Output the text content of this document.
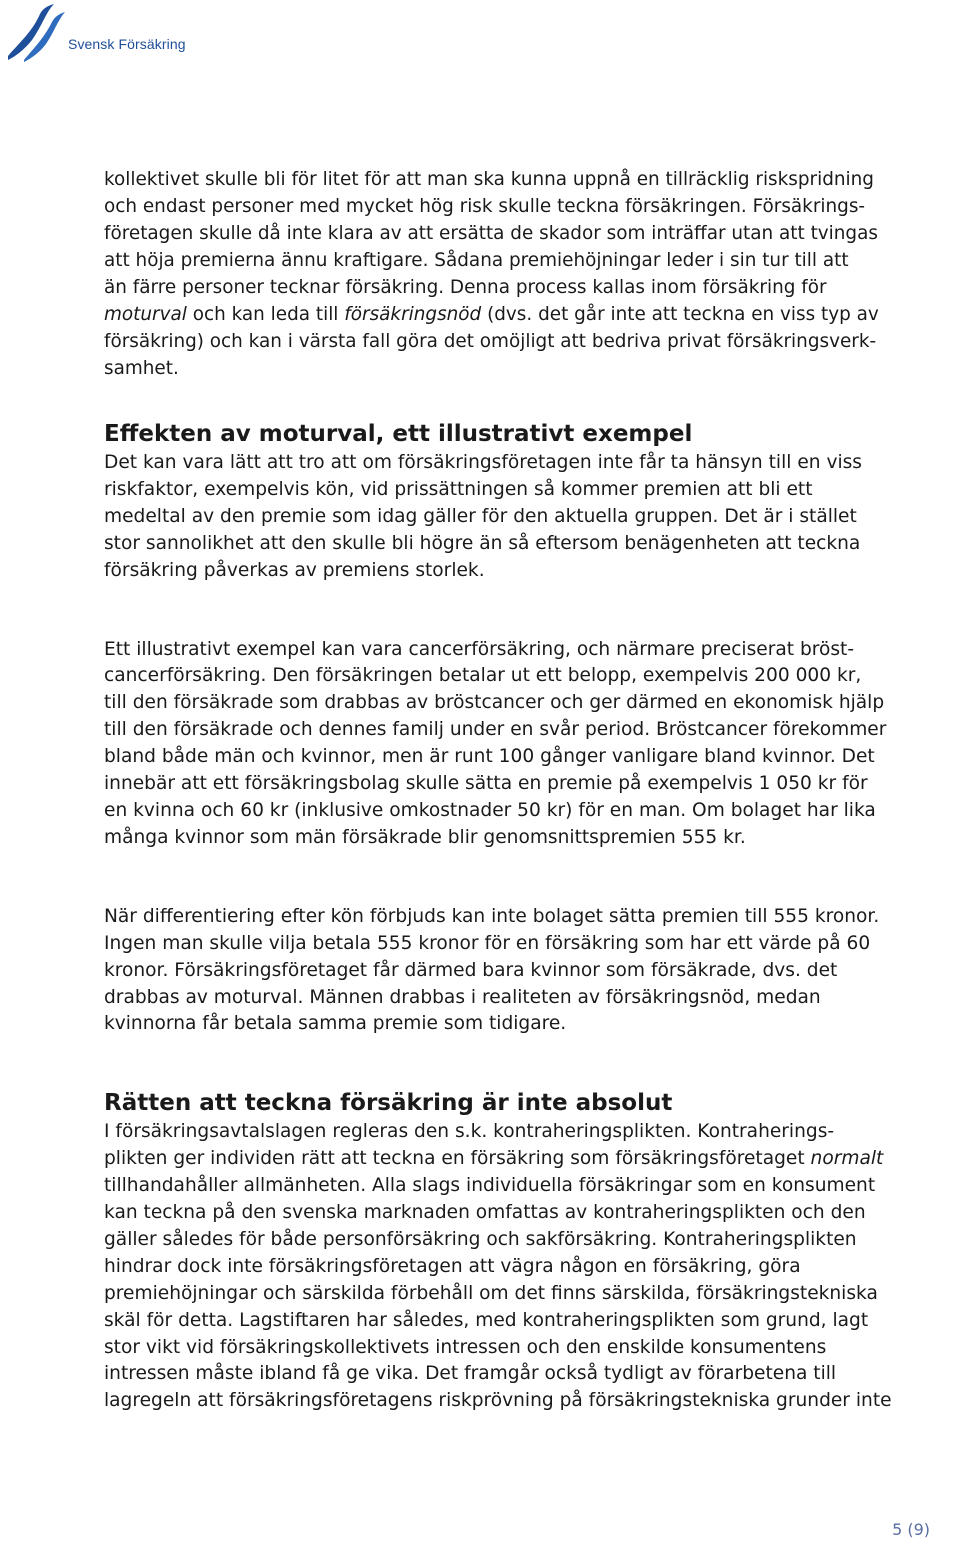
Svensk Försäkring
kollektivet skulle bli för litet för att man ska kunna uppnå en tillräcklig riskspridning
och endast personer med mycket hög risk skulle teckna försäkringen. Försäkrings-
företagen skulle då inte klara av att ersätta de skador som inträffar utan att tvingas
att höja premierna ännu kraftigare. Sådana premiehöjningar leder i sin tur till att
än färre personer tecknar försäkring. Denna process kallas inom försäkring för
moturval och kan leda till försäkringsnöd (dvs. det går inte att teckna en viss typ av
försäkring) och kan i värsta fall göra det omöjligt att bedriva privat försäkringsverk-
samhet.
Effekten av moturval, ett illustrativt exempel
Det kan vara lätt att tro att om försäkringsföretagen inte får ta hänsyn till en viss
riskfaktor, exempelvis kön, vid prissättningen så kommer premien att bli ett
medeltal av den premie som idag gäller för den aktuella gruppen. Det är i stället
stor sannolikhet att den skulle bli högre än så eftersom benägenheten att teckna
försäkring påverkas av premiens storlek.
Ett illustrativt exempel kan vara cancerförsäkring, och närmare preciserat bröst-
cancerförsäkring. Den försäkringen betalar ut ett belopp, exempelvis 200 000 kr,
till den försäkrade som drabbas av bröstcancer och ger därmed en ekonomisk hjälp
till den försäkrade och dennes familj under en svår period. Bröstcancer förekommer
bland både män och kvinnor, men är runt 100 gånger vanligare bland kvinnor. Det
innebär att ett försäkringsbolag skulle sätta en premie på exempelvis 1 050 kr för
en kvinna och 60 kr (inklusive omkostnader 50 kr) för en man. Om bolaget har lika
många kvinnor som män försäkrade blir genomsnittspremien 555 kr.
När differentiering efter kön förbjuds kan inte bolaget sätta premien till 555 kronor.
Ingen man skulle vilja betala 555 kronor för en försäkring som har ett värde på 60
kronor. Försäkringsföretaget får därmed bara kvinnor som försäkrade, dvs. det
drabbas av moturval. Männen drabbas i realiteten av försäkringsnöd, medan
kvinnorna får betala samma premie som tidigare.
Rätten att teckna försäkring är inte absolut
I försäkringsavtalslagen regleras den s.k. kontraheringsplikten. Kontraherings-
plikten ger individen rätt att teckna en försäkring som försäkringsföretaget normalt
tillhandahåller allmänheten. Alla slags individuella försäkringar som en konsument
kan teckna på den svenska marknaden omfattas av kontraheringsplikten och den
gäller således för både personförsäkring och sakförsäkring. Kontraheringsplikten
hindrar dock inte försäkringsföretagen att vägra någon en försäkring, göra
premiehöjningar och särskilda förbehåll om det finns särskilda, försäkringstekniska
skäl för detta. Lagstiftaren har således, med kontraheringsplikten som grund, lagt
stor vikt vid försäkringskollektivets intressen och den enskilde konsumentens
intressen måste ibland få ge vika. Det framgår också tydligt av förarbetena till
lagregeln att försäkringsföretagens riskprövning på försäkringstekniska grunder inte
5 (9)
